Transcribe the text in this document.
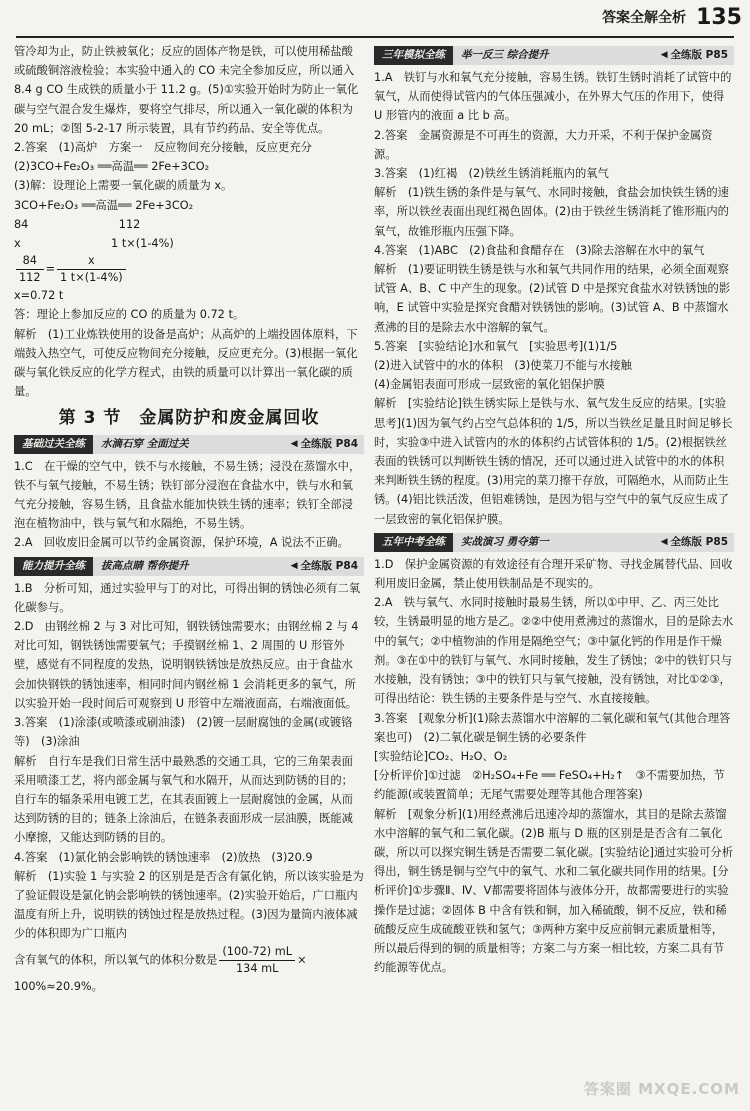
答案全解全析 135

管冷却为止，防止铁被氧化；反应的固体产物是铁，可以使用稀盐酸或硫酸铜溶液检验；本实验中通入的 CO 未完全参加反应，所以通入 8.4 g CO 生成铁的质量小于 11.2 g。(5)①实验开始时为防止一氧化碳与空气混合发生爆炸，要将空气排尽，所以通入一氧化碳的体积为 20 mL；②图 5-2-17 所示装置，具有节约药品、安全等优点。

2.答案　(1)高炉　方案一　反应物间充分接触，反应更充分

(2)3CO+Fe₂O₃ ══高温══ 2Fe+3CO₂

(3)解：设理论上需要一氧化碳的质量为 x。

3CO+Fe₂O₃ ══高温══ 2Fe+3CO₂

84　　　　　　　　112

x　　　　　　　　1 t×(1-4%)

$\frac{84}{112} = \frac{x}{1 t\times(1-4\%)}$

x=0.72 t

答：理论上参加反应的 CO 的质量为 0.72 t。

解析　(1)工业炼铁使用的设备是高炉；从高炉的上端投固体原料，下端鼓入热空气，可使反应物间充分接触，反应更充分。(3)根据一氧化碳与氧化铁反应的化学方程式，由铁的质量可以计算出一氧化碳的质量。

第 3 节　金属防护和废金属回收
基础过关全练	水滴石穿 全面过关	◀ 全练版 P84

1.C　在干燥的空气中，铁不与水接触，不易生锈；浸没在蒸馏水中，铁不与氧气接触，不易生锈；铁钉部分浸泡在食盐水中，铁与水和氧气充分接触，容易生锈，且食盐水能加快铁生锈的速率；铁钉全部浸泡在植物油中，铁与氧气和水隔绝，不易生锈。

2.A　回收废旧金属可以节约金属资源，保护环境，A 说法不正确。

能力提升全练	拔高点睛 帮你提升	◀ 全练版 P84

1.B　分析可知，通过实验甲与丁的对比，可得出铜的锈蚀必须有二氧化碳参与。

2.D　由钢丝棉 2 与 3 对比可知，钢铁锈蚀需要水；由钢丝棉 2 与 4 对比可知，钢铁锈蚀需要氧气；手摸钢丝棉 1、2 周围的 U 形管外壁，感觉有不同程度的发热，说明钢铁锈蚀是放热反应。由于食盐水会加快钢铁的锈蚀速率，相同时间内钢丝棉 1 会消耗更多的氧气，所以实验开始一段时间后可观察到 U 形管中左端液面高，右端液面低。

3.答案　(1)涂漆(或喷漆或刷油漆)　(2)镀一层耐腐蚀的金属(或镀铬等)　(3)涂油

解析　自行车是我们日常生活中最熟悉的交通工具，它的三角架表面采用喷漆工艺，将内部金属与氧气和水隔开，从而达到防锈的目的；自行车的辐条采用电镀工艺，在其表面镀上一层耐腐蚀的金属，从而达到防锈的目的；链条上涂油后，在链条表面形成一层油膜，既能减小摩擦，又能达到防锈的目的。

4.答案　(1)氯化钠会影响铁的锈蚀速率　(2)放热　(3)20.9

解析　(1)实验 1 与实验 2 的区别是是否含有氯化钠，所以该实验是为了验证假设是氯化钠会影响铁的锈蚀速率。(2)实验开始后，广口瓶内温度有所上升，说明铁的锈蚀过程是放热过程。(3)因为量筒内液体减少的体积即为广口瓶内

含有氧气的体积，所以氧气的体积分数是 $\frac{(100-72) mL}{134 mL}$ ×

100%≈20.9%。

三年模拟全练	举一反三 综合提升	◀ 全练版 P85

1.A　铁钉与水和氧气充分接触，容易生锈。铁钉生锈时消耗了试管中的氧气，从而使得试管内的气体压强减小，在外界大气压的作用下，使得 U 形管内的液面 a 比 b 高。

2.答案　金属资源是不可再生的资源，大力开采，不利于保护金属资源。

3.答案　(1)红褐　(2)铁丝生锈消耗瓶内的氧气

解析　(1)铁生锈的条件是与氧气、水同时接触，食盐会加快铁生锈的速率，所以铁丝表面出现红褐色固体。(2)由于铁丝生锈消耗了锥形瓶内的氧气，故锥形瓶内压强下降。

4.答案　(1)ABC　(2)食盐和食醋存在　(3)除去溶解在水中的氧气

解析　(1)要证明铁生锈是铁与水和氧气共同作用的结果，必须全面观察试管 A、B、C 中产生的现象。(2)试管 D 中是探究食盐水对铁锈蚀的影响，E 试管中实验是探究食醋对铁锈蚀的影响。(3)试管 A、B 中蒸馏水煮沸的目的是除去水中溶解的氧气。

5.答案　[实验结论]水和氧气　[实验思考](1)1/5

(2)进入试管中的水的体积　(3)使菜刀不能与水接触

(4)金属铝表面可形成一层致密的氧化铝保护膜

解析　[实验结论]铁生锈实际上是铁与水、氧气发生反应的结果。[实验思考](1)因为氧气约占空气总体积的 1/5，所以当铁丝足量且时间足够长时，实验③中进入试管内的水的体积约占试管体积的 1/5。(2)根据铁丝表面的铁锈可以判断铁生锈的情况，还可以通过进入试管中的水的体积来判断铁生锈的程度。(3)用完的菜刀擦干存放，可隔绝水，从而防止生锈。(4)铝比铁活泼，但铝难锈蚀，是因为铝与空气中的氧气反应生成了一层致密的氧化铝保护膜。

五年中考全练	实战演习 勇夺第一	◀ 全练版 P85

1.D　保护金属资源的有效途径有合理开采矿物、寻找金属替代品、回收利用废旧金属，禁止使用铁制品是不现实的。

2.A　铁与氧气、水同时接触时最易生锈，所以①中甲、乙、丙三处比较，生锈最明显的地方是乙。②②中使用煮沸过的蒸馏水，目的是除去水中的氧气；②中植物油的作用是隔绝空气；③中氯化钙的作用是作干燥剂。③在①中的铁钉与氧气、水同时接触，发生了锈蚀；②中的铁钉只与水接触，没有锈蚀；③中的铁钉只与氧气接触，没有锈蚀，对比①②③，可得出结论：铁生锈的主要条件是与空气、水直接接触。

3.答案　[观象分析](1)除去蒸馏水中溶解的二氧化碳和氧气(其他合理答案也可)　(2)二氧化碳是铜生锈的必要条件

[实验结论]CO₂、H₂O、O₂

[分析评价]①过滤　②H₂SO₄+Fe ══ FeSO₄+H₂↑　③不需要加热，节约能源(或装置简单；无尾气需要处理等其他合理答案)

解析　[观象分析](1)用经煮沸后迅速冷却的蒸馏水，其目的是除去蒸馏水中溶解的氧气和二氧化碳。(2)B 瓶与 D 瓶的区别是是否含有二氧化碳，所以可以探究铜生锈是否需要二氧化碳。[实验结论]通过实验可分析得出，铜生锈是铜与空气中的氧气、水和二氧化碳共同作用的结果。[分析评价]①步骤Ⅱ、Ⅳ、Ⅴ都需要将固体与液体分开，故都需要进行的实验操作是过滤；②固体 B 中含有铁和铜，加入稀硫酸，铜不反应，铁和稀硫酸反应生成硫酸亚铁和氢气；③两种方案中反应前铜元素质量相等，所以最后得到的铜的质量相等；方案二与方案一相比较，方案二具有节约能源等优点。

答案圈 MXQE.COM
